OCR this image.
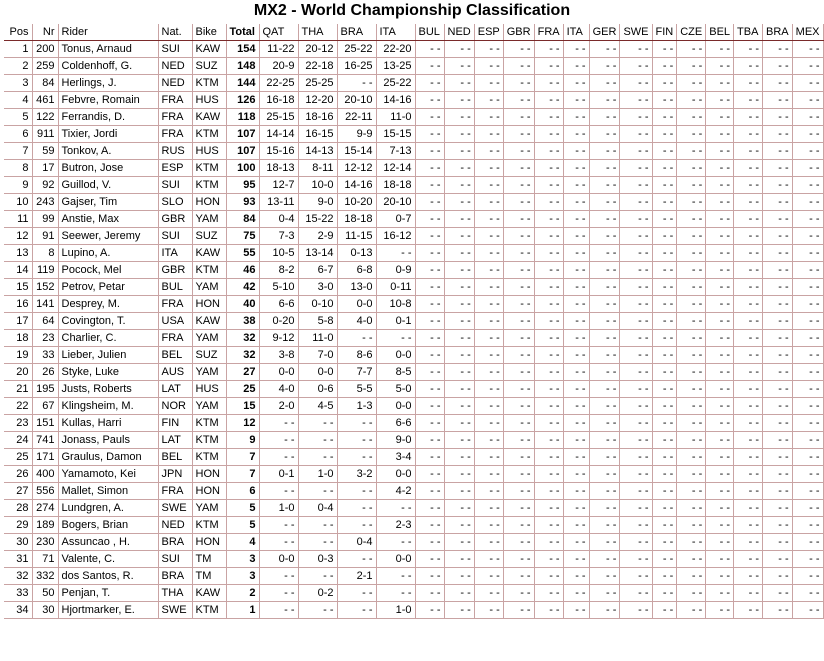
MX2 - World Championship Classification
Pos	Nr	Rider	Nat.	Bike	Total	QAT	THA	BRA	ITA	BUL	NED	ESP	GBR	FRA	ITA	GER	SWE	FIN	CZE	BEL	TBA	BRA	MEX
1	200	Tonus, Arnaud	SUI	KAW	154	11-22	20-12	25-22	22-20	- -	- -	- -	- -	- -	- -	- -	- -	- -	- -	- -	- -	- -	- -
2	259	Coldenhoff, G.	NED	SUZ	148	20-9	22-18	16-25	13-25	- -	- -	- -	- -	- -	- -	- -	- -	- -	- -	- -	- -	- -	- -
3	84	Herlings, J.	NED	KTM	144	22-25	25-25	- -	25-22	- -	- -	- -	- -	- -	- -	- -	- -	- -	- -	- -	- -	- -	- -
4	461	Febvre, Romain	FRA	HUS	126	16-18	12-20	20-10	14-16	- -	- -	- -	- -	- -	- -	- -	- -	- -	- -	- -	- -	- -	- -
5	122	Ferrandis, D.	FRA	KAW	118	25-15	18-16	22-11	11-0	- -	- -	- -	- -	- -	- -	- -	- -	- -	- -	- -	- -	- -	- -
6	911	Tixier, Jordi	FRA	KTM	107	14-14	16-15	9-9	15-15	- -	- -	- -	- -	- -	- -	- -	- -	- -	- -	- -	- -	- -	- -
7	59	Tonkov, A.	RUS	HUS	107	15-16	14-13	15-14	7-13	- -	- -	- -	- -	- -	- -	- -	- -	- -	- -	- -	- -	- -	- -
8	17	Butron, Jose	ESP	KTM	100	18-13	8-11	12-12	12-14	- -	- -	- -	- -	- -	- -	- -	- -	- -	- -	- -	- -	- -	- -
9	92	Guillod, V.	SUI	KTM	95	12-7	10-0	14-16	18-18	- -	- -	- -	- -	- -	- -	- -	- -	- -	- -	- -	- -	- -	- -
10	243	Gajser, Tim	SLO	HON	93	13-11	9-0	10-20	20-10	- -	- -	- -	- -	- -	- -	- -	- -	- -	- -	- -	- -	- -	- -
11	99	Anstie, Max	GBR	YAM	84	0-4	15-22	18-18	0-7	- -	- -	- -	- -	- -	- -	- -	- -	- -	- -	- -	- -	- -	- -
12	91	Seewer, Jeremy	SUI	SUZ	75	7-3	2-9	11-15	16-12	- -	- -	- -	- -	- -	- -	- -	- -	- -	- -	- -	- -	- -	- -
13	8	Lupino, A.	ITA	KAW	55	10-5	13-14	0-13	- -	- -	- -	- -	- -	- -	- -	- -	- -	- -	- -	- -	- -	- -	- -
14	119	Pocock, Mel	GBR	KTM	46	8-2	6-7	6-8	0-9	- -	- -	- -	- -	- -	- -	- -	- -	- -	- -	- -	- -	- -	- -
15	152	Petrov, Petar	BUL	YAM	42	5-10	3-0	13-0	0-11	- -	- -	- -	- -	- -	- -	- -	- -	- -	- -	- -	- -	- -	- -
16	141	Desprey, M.	FRA	HON	40	6-6	0-10	0-0	10-8	- -	- -	- -	- -	- -	- -	- -	- -	- -	- -	- -	- -	- -	- -
17	64	Covington, T.	USA	KAW	38	0-20	5-8	4-0	0-1	- -	- -	- -	- -	- -	- -	- -	- -	- -	- -	- -	- -	- -	- -
18	23	Charlier, C.	FRA	YAM	32	9-12	11-0	- -	- -	- -	- -	- -	- -	- -	- -	- -	- -	- -	- -	- -	- -	- -	- -
19	33	Lieber, Julien	BEL	SUZ	32	3-8	7-0	8-6	0-0	- -	- -	- -	- -	- -	- -	- -	- -	- -	- -	- -	- -	- -	- -
20	26	Styke, Luke	AUS	YAM	27	0-0	0-0	7-7	8-5	- -	- -	- -	- -	- -	- -	- -	- -	- -	- -	- -	- -	- -	- -
21	195	Justs, Roberts	LAT	HUS	25	4-0	0-6	5-5	5-0	- -	- -	- -	- -	- -	- -	- -	- -	- -	- -	- -	- -	- -	- -
22	67	Klingsheim, M.	NOR	YAM	15	2-0	4-5	1-3	0-0	- -	- -	- -	- -	- -	- -	- -	- -	- -	- -	- -	- -	- -	- -
23	151	Kullas, Harri	FIN	KTM	12	- -	- -	- -	6-6	- -	- -	- -	- -	- -	- -	- -	- -	- -	- -	- -	- -	- -	- -
24	741	Jonass, Pauls	LAT	KTM	9	- -	- -	- -	9-0	- -	- -	- -	- -	- -	- -	- -	- -	- -	- -	- -	- -	- -	- -
25	171	Graulus, Damon	BEL	KTM	7	- -	- -	- -	3-4	- -	- -	- -	- -	- -	- -	- -	- -	- -	- -	- -	- -	- -	- -
26	400	Yamamoto, Kei	JPN	HON	7	0-1	1-0	3-2	0-0	- -	- -	- -	- -	- -	- -	- -	- -	- -	- -	- -	- -	- -	- -
27	556	Mallet, Simon	FRA	HON	6	- -	- -	- -	4-2	- -	- -	- -	- -	- -	- -	- -	- -	- -	- -	- -	- -	- -	- -
28	274	Lundgren, A.	SWE	YAM	5	1-0	0-4	- -	- -	- -	- -	- -	- -	- -	- -	- -	- -	- -	- -	- -	- -	- -	- -
29	189	Bogers, Brian	NED	KTM	5	- -	- -	- -	2-3	- -	- -	- -	- -	- -	- -	- -	- -	- -	- -	- -	- -	- -	- -
30	230	Assuncao , H.	BRA	HON	4	- -	- -	0-4	- -	- -	- -	- -	- -	- -	- -	- -	- -	- -	- -	- -	- -	- -	- -
31	71	Valente, C.	SUI	TM	3	0-0	0-3	- -	0-0	- -	- -	- -	- -	- -	- -	- -	- -	- -	- -	- -	- -	- -	- -
32	332	dos Santos, R.	BRA	TM	3	- -	- -	2-1	- -	- -	- -	- -	- -	- -	- -	- -	- -	- -	- -	- -	- -	- -	- -
33	50	Penjan, T.	THA	KAW	2	- -	0-2	- -	- -	- -	- -	- -	- -	- -	- -	- -	- -	- -	- -	- -	- -	- -	- -
34	30	Hjortmarker, E.	SWE	KTM	1	- -	- -	- -	1-0	- -	- -	- -	- -	- -	- -	- -	- -	- -	- -	- -	- -	- -	- -
